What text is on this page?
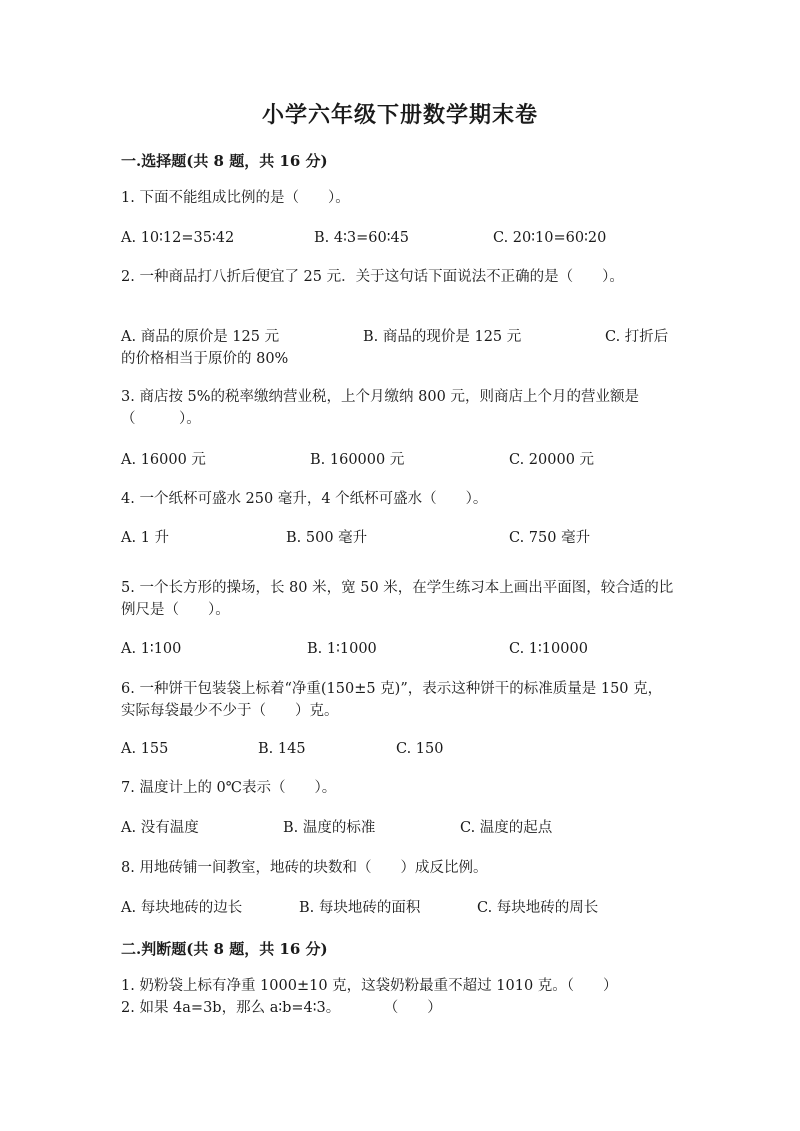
小学六年级下册数学期末卷
一.选择题(共 8 题，共 16 分)
1. 下面不能组成比例的是（　　）。
A. 10∶12=35∶42	B. 4∶3=60∶45	C. 20∶10=60∶20
2. 一种商品打八折后便宜了 25 元．关于这句话下面说法不正确的是（　　）。
A. 商品的原价是 125 元	B. 商品的现价是 125 元	C. 打折后
的价格相当于原价的 80%
3. 商店按 5%的税率缴纳营业税，上个月缴纳 800 元，则商店上个月的营业额是（　　　）。
A. 16000 元	B. 160000 元	C. 20000 元
4. 一个纸杯可盛水 250 毫升，4 个纸杯可盛水（　　）。
A. 1 升	B. 500 毫升	C. 750 毫升
5. 一个长方形的操场，长 80 米，宽 50 米，在学生练习本上画出平面图，较合适的比例尺是（　　）。
A. 1∶100	B. 1∶1000	C. 1∶10000
6. 一种饼干包装袋上标着“净重(150±5 克)”，表示这种饼干的标准质量是 150 克，实际每袋最少不少于（　　）克。
A. 155	B. 145	C. 150
7. 温度计上的 0℃表示（　　）。
A. 没有温度	B. 温度的标准	C. 温度的起点
8. 用地砖铺一间教室，地砖的块数和（　　）成反比例。
A. 每块地砖的边长	B. 每块地砖的面积	C. 每块地砖的周长
二.判断题(共 8 题，共 16 分)
1. 奶粉袋上标有净重 1000±10 克，这袋奶粉最重不超过 1010 克。（　　）
2. 如果 4a=3b，那么 a∶b=4∶3。　　　　（　　）
